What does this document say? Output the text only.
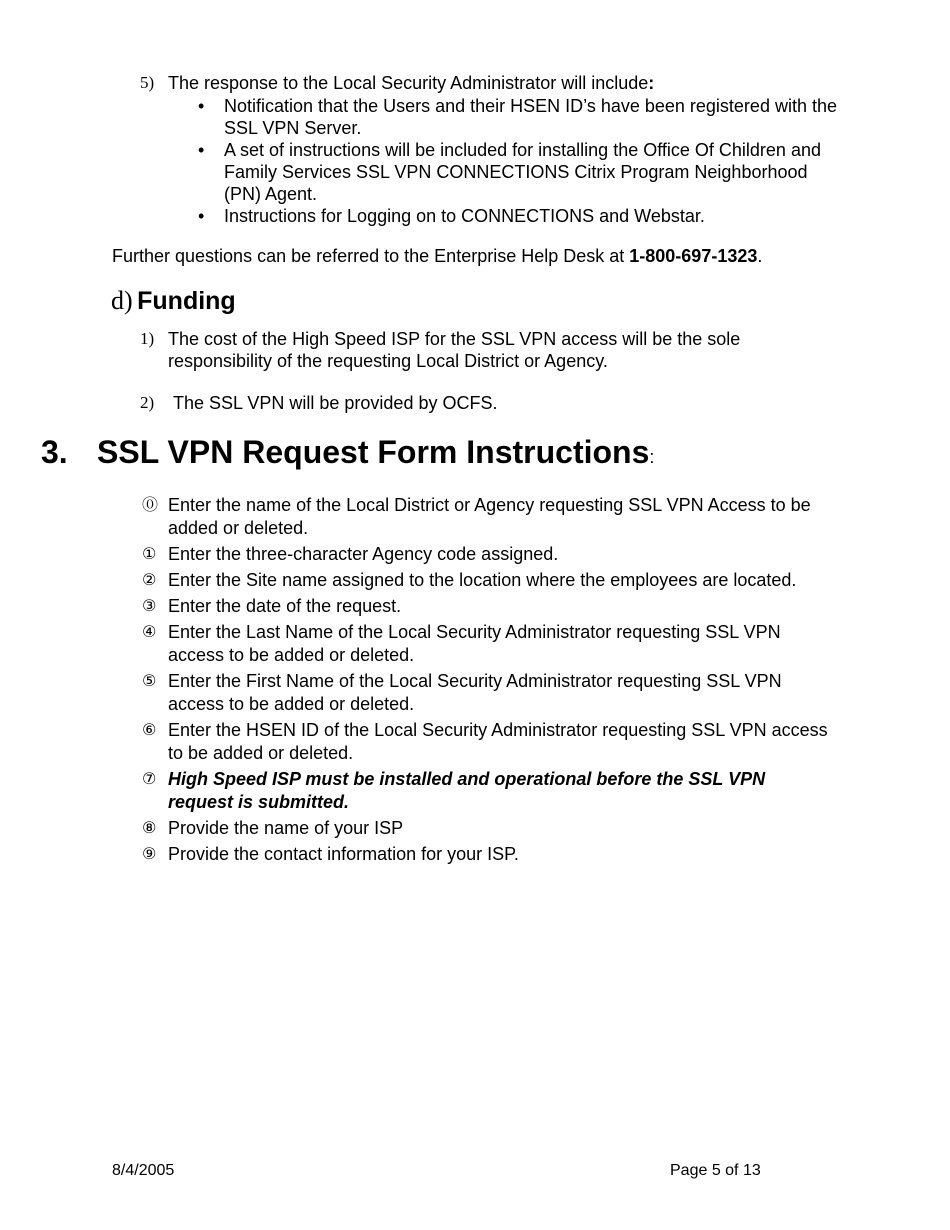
5) The response to the Local Security Administrator will include:
• Notification that the Users and their HSEN ID’s have been registered with the SSL VPN Server.
• A set of instructions will be included for installing the Office Of Children and Family Services SSL VPN CONNECTIONS Citrix Program Neighborhood (PN) Agent.
• Instructions for Logging on to CONNECTIONS and Webstar.
Further questions can be referred to the Enterprise Help Desk at 1-800-697-1323.
d) Funding
1) The cost of the High Speed ISP for the SSL VPN access will be the sole responsibility of the requesting Local District or Agency.
2) The SSL VPN will be provided by OCFS.
3. SSL VPN Request Form Instructions:
⓪ Enter the name of the Local District or Agency requesting SSL VPN Access to be added or deleted.
① Enter the three-character Agency code assigned.
② Enter the Site name assigned to the location where the employees are located.
③ Enter the date of the request.
④ Enter the Last Name of the Local Security Administrator requesting SSL VPN access to be added or deleted.
⑤ Enter the First Name of the Local Security Administrator requesting SSL VPN access to be added or deleted.
⑥ Enter the HSEN ID of the Local Security Administrator requesting SSL VPN access to be added or deleted.
⑦ High Speed ISP must be installed and operational before the SSL VPN request is submitted.
⑧ Provide the name of your ISP
⑨ Provide the contact information for your ISP.
8/4/2005	Page 5 of 13
